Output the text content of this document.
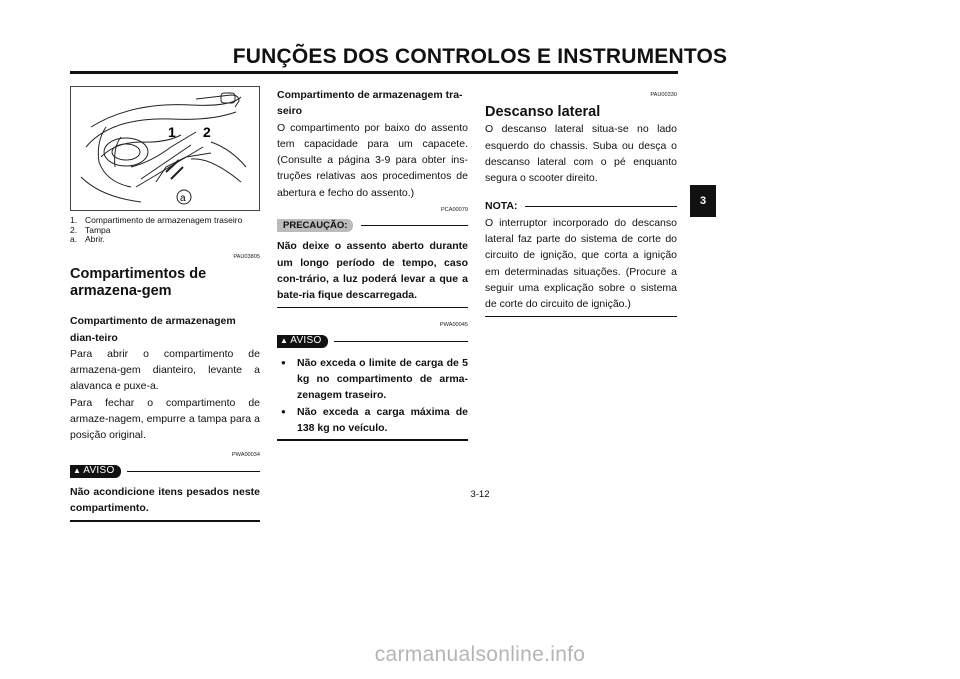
FUNÇÕES DOS CONTROLOS E INSTRUMENTOS
3
1 2
a
1. Compartimento de armazenagem traseiro
2. Tampa
a. Abrir.
PAU03805
Compartimentos de armazena-gem
Compartimento de armazenagem dian-teiro
Para abrir o compartimento de armazena-gem dianteiro, levante a alavanca e puxe-a.
Para fechar o compartimento de armaze-nagem, empurre a tampa para a posição original.
PWA00034
▲ AVISO
Não acondicione itens pesados neste compartimento.
Compartimento de armazenagem tra-seiro
O compartimento por baixo do assento tem capacidade para um capacete. (Consulte a página 3-9 para obter ins-truções relativas aos procedimentos de abertura e fecho do assento.)
PCA00079
PRECAUÇÃO:
Não deixe o assento aberto durante um longo período de tempo, caso con-trário, a luz poderá levar a que a bate-ria fique descarregada.
PWA00045
▲ AVISO
● Não exceda o limite de carga de 5 kg no compartimento de arma-zenagem traseiro.
● Não exceda a carga máxima de 138 kg no veículo.
PAU00330
Descanso lateral
O descanso lateral situa-se no lado esquerdo do chassis. Suba ou desça o descanso lateral com o pé enquanto segura o scooter direito.
NOTA:
O interruptor incorporado do descanso lateral faz parte do sistema de corte do circuito de ignição, que corta a ignição em determinadas situações. (Procure a seguir uma explicação sobre o sistema de corte do circuito de ignição.)
3-12
carmanualsonline.info
